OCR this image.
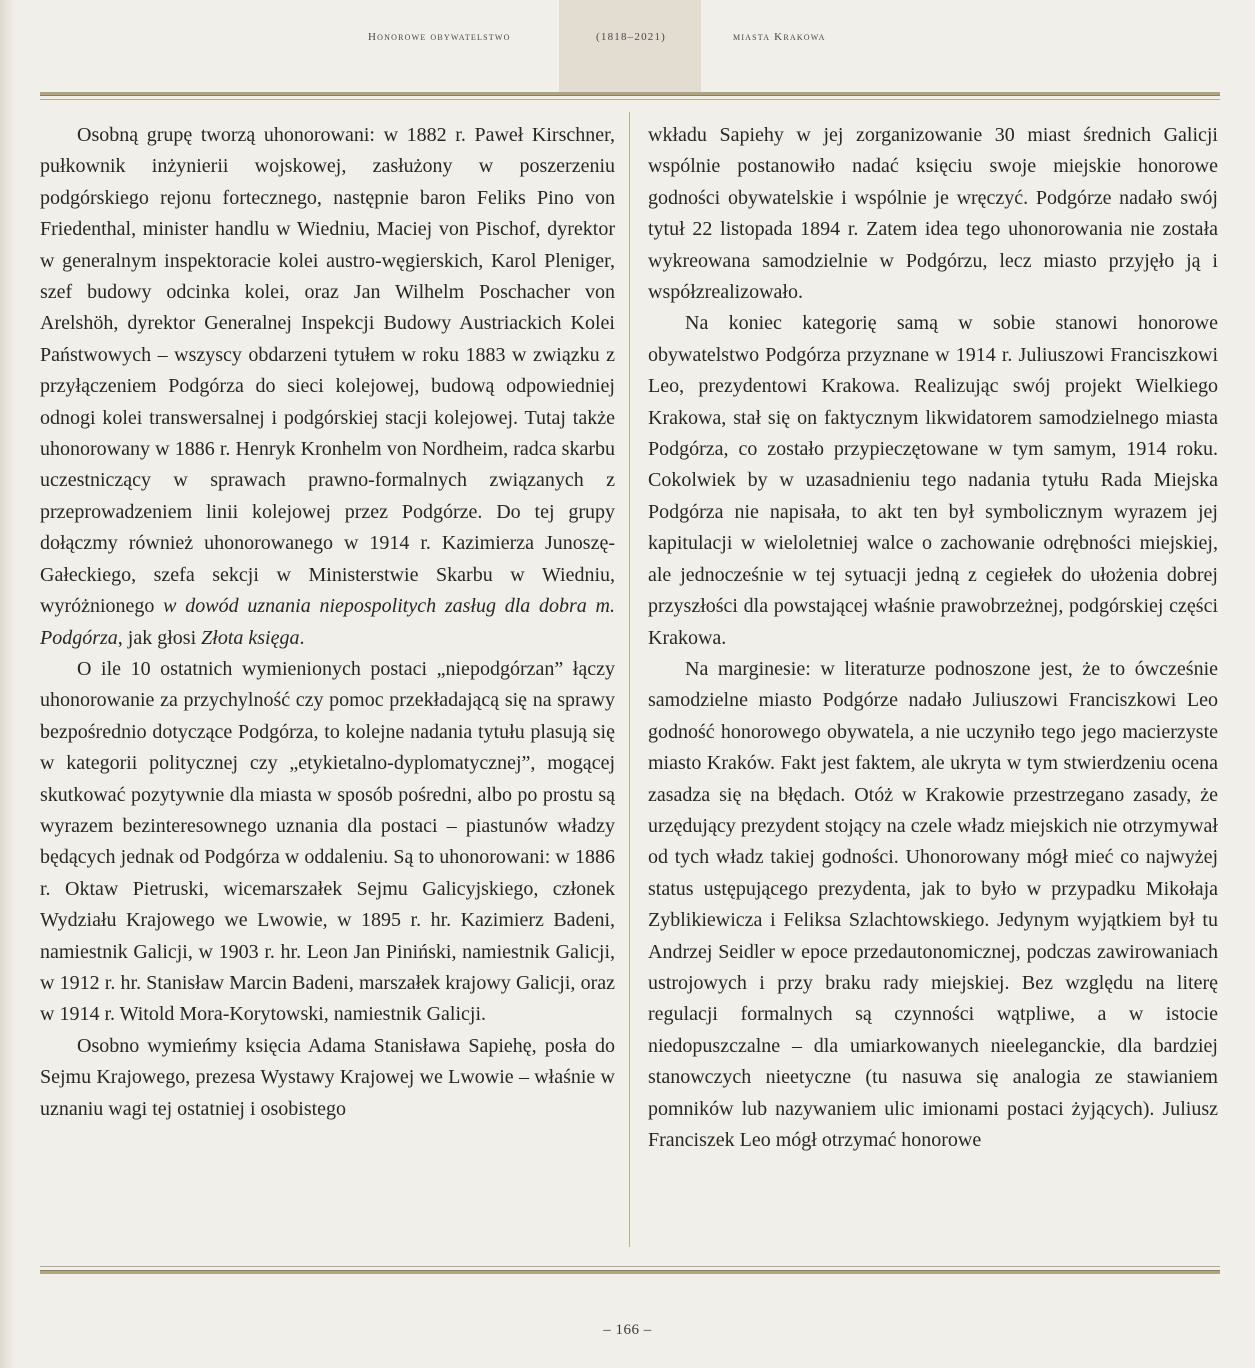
Honorowe obywatelstwo	(1818–2021)	miasta Krakowa

Osobną grupę tworzą uhonorowani: w 1882 r. Paweł Kirschner, pułkownik inżynierii wojskowej, zasłużony w poszerzeniu podgórskiego rejonu fortecznego, następnie baron Feliks Pino von Friedenthal, minister handlu w Wiedniu, Maciej von Pischof, dyrektor w generalnym inspektoracie kolei austro-węgierskich, Karol Pleniger, szef budowy odcinka kolei, oraz Jan Wilhelm Poschacher von Arelshöh, dyrektor Generalnej Inspekcji Budowy Austriackich Kolei Państwowych – wszyscy obdarzeni tytułem w roku 1883 w związku z przyłączeniem Podgórza do sieci kolejowej, budową odpowiedniej odnogi kolei transwersalnej i podgórskiej stacji kolejowej. Tutaj także uhonorowany w 1886 r. Henryk Kronhelm von Nordheim, radca skarbu uczestniczący w sprawach prawno-formalnych związanych z przeprowadzeniem linii kolejowej przez Podgórze. Do tej grupy dołączmy również uhonorowanego w 1914 r. Kazimierza Junoszę-Gałeckiego, szefa sekcji w Ministerstwie Skarbu w Wiedniu, wyróżnionego w dowód uznania niepospolitych zasług dla dobra m. Podgórza, jak głosi Złota księga.

O ile 10 ostatnich wymienionych postaci „niepodgórzan” łączy uhonorowanie za przychylność czy pomoc przekładającą się na sprawy bezpośrednio dotyczące Podgórza, to kolejne nadania tytułu plasują się w kategorii politycznej czy „etykietalno-dyplomatycznej”, mogącej skutkować pozytywnie dla miasta w sposób pośredni, albo po prostu są wyrazem bezinteresownego uznania dla postaci – piastunów władzy będących jednak od Podgórza w oddaleniu. Są to uhonorowani: w 1886 r. Oktaw Pietruski, wicemarszałek Sejmu Galicyjskiego, członek Wydziału Krajowego we Lwowie, w 1895 r. hr. Kazimierz Badeni, namiestnik Galicji, w 1903 r. hr. Leon Jan Piniński, namiestnik Galicji, w 1912 r. hr. Stanisław Marcin Badeni, marszałek krajowy Galicji, oraz w 1914 r. Witold Mora-Korytowski, namiestnik Galicji.

Osobno wymieńmy księcia Adama Stanisława Sapiehę, posła do Sejmu Krajowego, prezesa Wystawy Krajowej we Lwowie – właśnie w uznaniu wagi tej ostatniej i osobistego

wkładu Sapiehy w jej zorganizowanie 30 miast średnich Galicji wspólnie postanowiło nadać księciu swoje miejskie honorowe godności obywatelskie i wspólnie je wręczyć. Podgórze nadało swój tytuł 22 listopada 1894 r. Zatem idea tego uhonorowania nie została wykreowana samodzielnie w Podgórzu, lecz miasto przyjęło ją i współzrealizowało.

Na koniec kategorię samą w sobie stanowi honorowe obywatelstwo Podgórza przyznane w 1914 r. Juliuszowi Franciszkowi Leo, prezydentowi Krakowa. Realizując swój projekt Wielkiego Krakowa, stał się on faktycznym likwidatorem samodzielnego miasta Podgórza, co zostało przypieczętowane w tym samym, 1914 roku. Cokolwiek by w uzasadnieniu tego nadania tytułu Rada Miejska Podgórza nie napisała, to akt ten był symbolicznym wyrazem jej kapitulacji w wieloletniej walce o zachowanie odrębności miejskiej, ale jednocześnie w tej sytuacji jedną z cegiełek do ułożenia dobrej przyszłości dla powstającej właśnie prawobrzeżnej, podgórskiej części Krakowa.

Na marginesie: w literaturze podnoszone jest, że to ówcześnie samodzielne miasto Podgórze nadało Juliuszowi Franciszkowi Leo godność honorowego obywatela, a nie uczyniło tego jego macierzyste miasto Kraków. Fakt jest faktem, ale ukryta w tym stwierdzeniu ocena zasadza się na błędach. Otóż w Krakowie przestrzegano zasady, że urzędujący prezydent stojący na czele władz miejskich nie otrzymywał od tych władz takiej godności. Uhonorowany mógł mieć co najwyżej status ustępującego prezydenta, jak to było w przypadku Mikołaja Zyblikiewicza i Feliksa Szlachtowskiego. Jedynym wyjątkiem był tu Andrzej Seidler w epoce przedautonomicznej, podczas zawirowaniach ustrojowych i przy braku rady miejskiej. Bez względu na literę regulacji formalnych są czynności wątpliwe, a w istocie niedopuszczalne – dla umiarkowanych nieeleganckie, dla bardziej stanowczych nieetyczne (tu nasuwa się analogia ze stawianiem pomników lub nazywaniem ulic imionami postaci żyjących). Juliusz Franciszek Leo mógł otrzymać honorowe

– 166 –
